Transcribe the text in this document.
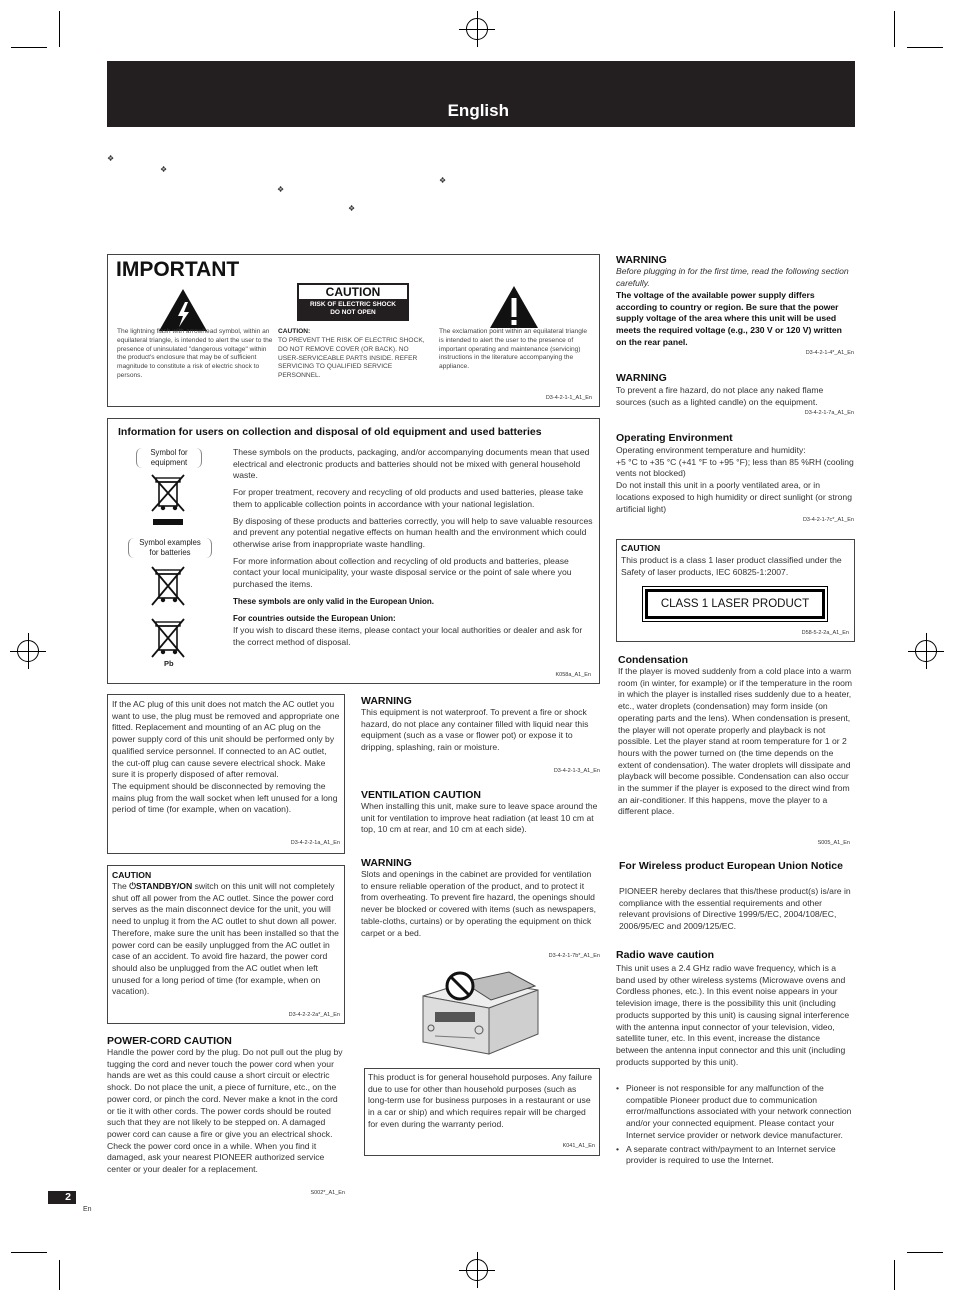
English
❖
❖
❖
❖
❖
IMPORTANT
CAUTION
RISK OF ELECTRIC SHOCK
DO NOT OPEN
The lightning flash with arrowhead symbol, within an equilateral triangle, is intended to alert the user to the presence of uninsulated "dangerous voltage" within the product's enclosure that may be of sufficient magnitude to constitute a risk of electric shock to persons.
CAUTION:
TO PREVENT THE RISK OF ELECTRIC SHOCK, DO NOT REMOVE COVER (OR BACK). NO USER-SERVICEABLE PARTS INSIDE. REFER SERVICING TO QUALIFIED SERVICE PERSONNEL.
The exclamation point within an equilateral triangle is intended to alert the user to the presence of important operating and maintenance (servicing) instructions in the literature accompanying the appliance.
D3-4-2-1-1_A1_En
Information for users on collection and disposal of old equipment and used batteries
Symbol for
equipment
Symbol examples
for batteries
Pb
These symbols on the products, packaging, and/or accompanying documents mean that used electrical and electronic products and batteries should not be mixed with general household waste.
For proper treatment, recovery and recycling of old products and used batteries, please take them to applicable collection points in accordance with your national legislation.
By disposing of these products and batteries correctly, you will help to save valuable resources and prevent any potential negative effects on human health and the environment which could otherwise arise from inappropriate waste handling.
For more information about collection and recycling of old products and batteries, please contact your local municipality, your waste disposal service or the point of sale where you purchased the items.
These symbols are only valid in the European Union.
For countries outside the European Union:
If you wish to discard these items, please contact your local authorities or dealer and ask for the correct method of disposal.
K058a_A1_En
If the AC plug of this unit does not match the AC outlet you want to use, the plug must be removed and appropriate one fitted. Replacement and mounting of an AC plug on the power supply cord of this unit should be performed only by qualified service personnel. If connected to an AC outlet, the cut-off plug can cause severe electrical shock. Make sure it is properly disposed of after removal.
The equipment should be disconnected by removing the mains plug from the wall socket when left unused for a long period of time (for example, when on vacation).
D3-4-2-2-1a_A1_En
CAUTION
The ⏻STANDBY/ON switch on this unit will not completely shut off all power from the AC outlet. Since the power cord serves as the main disconnect device for the unit, you will need to unplug it from the AC outlet to shut down all power. Therefore, make sure the unit has been installed so that the power cord can be easily unplugged from the AC outlet in case of an accident. To avoid fire hazard, the power cord should also be unplugged from the AC outlet when left unused for a long period of time (for example, when on vacation).
D3-4-2-2-2a*_A1_En
POWER-CORD CAUTION
Handle the power cord by the plug. Do not pull out the plug by tugging the cord and never touch the power cord when your hands are wet as this could cause a short circuit or electric shock. Do not place the unit, a piece of furniture, etc., on the power cord, or pinch the cord. Never make a knot in the cord or tie it with other cords. The power cords should be routed such that they are not likely to be stepped on. A damaged power cord can cause a fire or give you an electrical shock. Check the power cord once in a while. When you find it damaged, ask your nearest PIONEER authorized service center or your dealer for a replacement.
S002*_A1_En
WARNING
This equipment is not waterproof. To prevent a fire or shock hazard, do not place any container filled with liquid near this equipment (such as a vase or flower pot) or expose it to dripping, splashing, rain or moisture.
D3-4-2-1-3_A1_En
VENTILATION CAUTION
When installing this unit, make sure to leave space around the unit for ventilation to improve heat radiation (at least 10 cm at top, 10 cm at rear, and 10 cm at each side).
WARNING
Slots and openings in the cabinet are provided for ventilation to ensure reliable operation of the product, and to protect it from overheating. To prevent fire hazard, the openings should never be blocked or covered with items (such as newspapers, table-cloths, curtains) or by operating the equipment on thick carpet or a bed.
D3-4-2-1-7b*_A1_En
This product is for general household purposes. Any failure due to use for other than household purposes (such as long-term use for business purposes in a restaurant or use in a car or ship) and which requires repair will be charged for even during the warranty period.
K041_A1_En
WARNING
Before plugging in for the first time, read the following section carefully.
The voltage of the available power supply differs according to country or region. Be sure that the power supply voltage of the area where this unit will be used meets the required voltage (e.g., 230 V or 120 V) written on the rear panel.
D3-4-2-1-4*_A1_En
WARNING
To prevent a fire hazard, do not place any naked flame sources (such as a lighted candle) on the equipment.
D3-4-2-1-7a_A1_En
Operating Environment
Operating environment temperature and humidity:
+5 °C to +35 °C (+41 °F to +95 °F); less than 85 %RH (cooling vents not blocked)
Do not install this unit in a poorly ventilated area, or in locations exposed to high humidity or direct sunlight (or strong artificial light)
D3-4-2-1-7c*_A1_En
CAUTION
This product is a class 1 laser product classified under the Safety of laser products, IEC 60825-1:2007.
CLASS 1 LASER PRODUCT
D58-5-2-2a_A1_En
Condensation
If the player is moved suddenly from a cold place into a warm room (in winter, for example) or if the temperature in the room in which the player is installed rises suddenly due to a heater, etc., water droplets (condensation) may form inside (on operating parts and the lens). When condensation is present, the player will not operate properly and playback is not possible. Let the player stand at room temperature for 1 or 2 hours with the power turned on (the time depends on the extent of condensation). The water droplets will dissipate and playback will become possible. Condensation can also occur in the summer if the player is exposed to the direct wind from an air-conditioner. If this happens, move the player to a different place.
S005_A1_En
For Wireless product European Union Notice
PIONEER hereby declares that this/these product(s) is/are in compliance with the essential requirements and other relevant provisions of Directive 1999/5/EC, 2004/108/EC, 2006/95/EC and 2009/125/EC.
Radio wave caution
This unit uses a 2.4 GHz radio wave frequency, which is a band used by other wireless systems (Microwave ovens and Cordless phones, etc.). In this event noise appears in your television image, there is the possibility this unit (including products supported by this unit) is causing signal interference with the antenna input connector of your television, video, satellite tuner, etc. In this event, increase the distance between the antenna input connector and this unit (including products supported by this unit).
• Pioneer is not responsible for any malfunction of the compatible Pioneer product due to communication error/malfunctions associated with your network connection and/or your connected equipment. Please contact your Internet service provider or network device manufacturer.
• A separate contract with/payment to an Internet service provider is required to use the Internet.
2
En
